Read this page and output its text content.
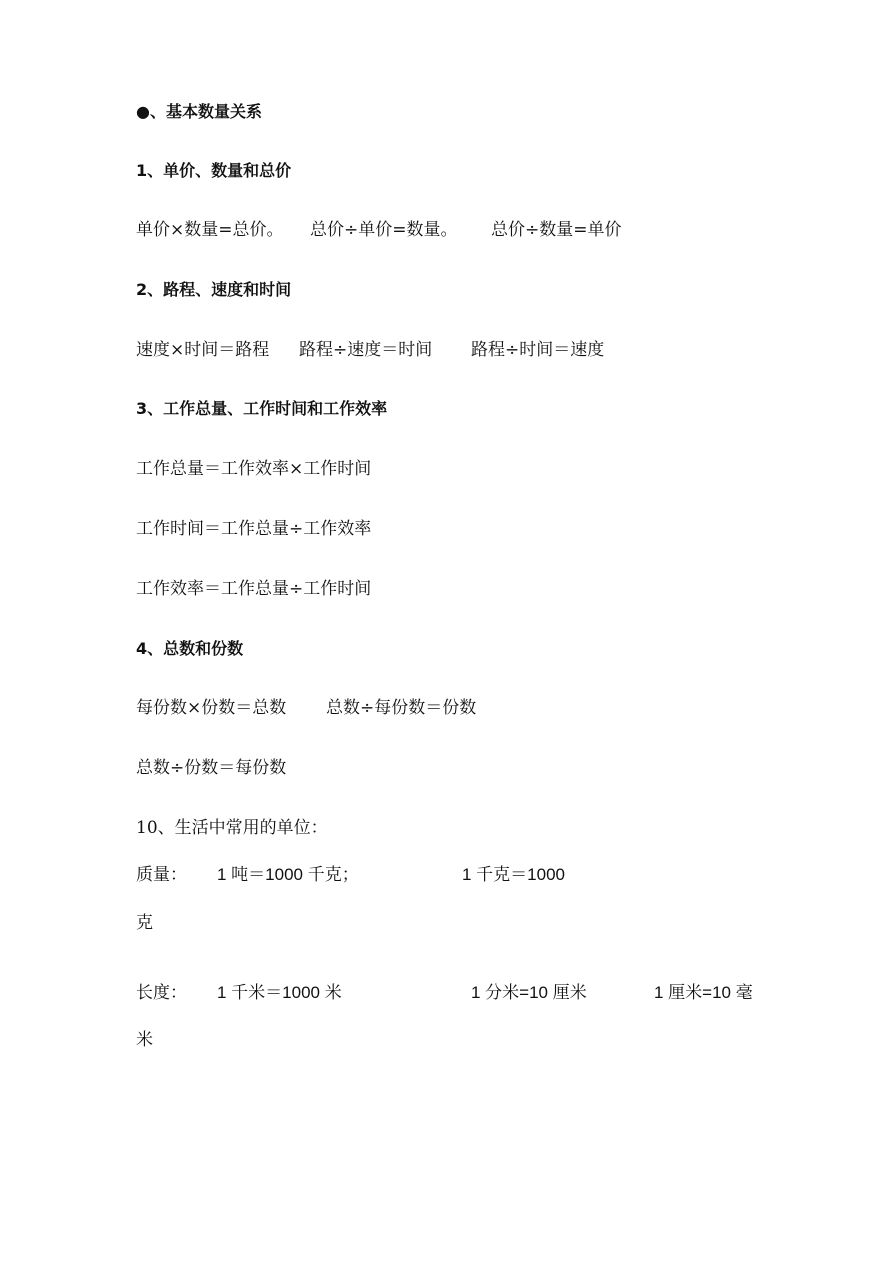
●、基本数量关系

1、单价、数量和总价

单价×数量=总价。 总价÷单价=数量。 总价÷数量=单价

2、路程、速度和时间

速度×时间＝路程 路程÷速度＝时间 路程÷时间＝速度

3、工作总量、工作时间和工作效率

工作总量＝工作效率×工作时间

工作时间＝工作总量÷工作效率

工作效率＝工作总量÷工作时间

4、总数和份数

每份数×份数＝总数 总数÷每份数＝份数

总数÷份数＝每份数

10、生活中常用的单位：

质量： 1 吨＝1000 千克；	1 千克＝1000

克

长度： 1 千米＝1000 米	1 分米=10 厘米	1 厘米=10 毫

米
